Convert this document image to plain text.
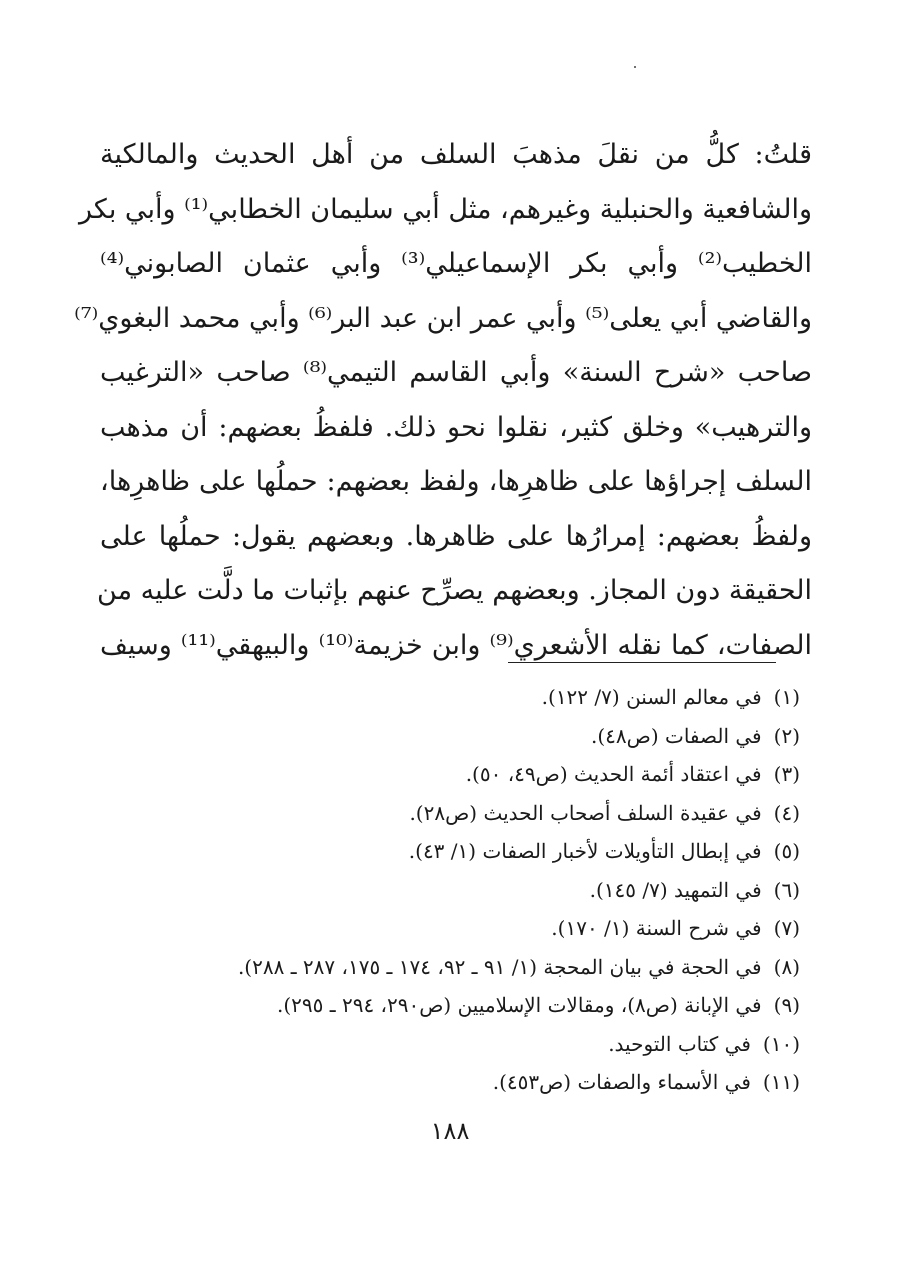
قلتُ: كلُّ من نقلَ مذهبَ السلف من أهل الحديث والمالكية
والشافعية والحنبلية وغيرهم، مثل أبي سليمان الخطابي⁽¹⁾ وأبي بكر
الخطيب⁽²⁾ وأبي بكر الإسماعيلي⁽³⁾ وأبي عثمان الصابوني⁽⁴⁾
والقاضي أبي يعلى⁽⁵⁾ وأبي عمر ابن عبد البر⁽⁶⁾ وأبي محمد البغوي⁽⁷⁾
صاحب «شرح السنة» وأبي القاسم التيمي⁽⁸⁾ صاحب «الترغيب
والترهيب» وخلق كثير، نقلوا نحو ذلك. فلفظُ بعضهم: أن مذهب
السلف إجراؤها على ظاهرِها، ولفظ بعضهم: حملُها على ظاهرِها،
ولفظُ بعضهم: إمرارُها على ظاهرها. وبعضهم يقول: حملُها على
الحقيقة دون المجاز. وبعضهم يصرِّح عنهم بإثبات ما دلَّت عليه من
الصفات، كما نقله الأشعري⁽⁹⁾ وابن خزيمة⁽¹⁰⁾ والبيهقي⁽¹¹⁾ وسيف
(١)في معالم السنن (٧/ ١٢٢).
(٢)في الصفات (ص٤٨).
(٣)في اعتقاد أئمة الحديث (ص٤٩، ٥٠).
(٤)في عقيدة السلف أصحاب الحديث (ص٢٨).
(٥)في إبطال التأويلات لأخبار الصفات (١/ ٤٣).
(٦)في التمهيد (٧/ ١٤٥).
(٧)في شرح السنة (١/ ١٧٠).
(٨)في الحجة في بيان المحجة (١/ ٩١ ـ ٩٢، ١٧٤ ـ ١٧٥، ٢٨٧ ـ ٢٨٨).
(٩)في الإبانة (ص٨)، ومقالات الإسلاميين (ص٢٩٠، ٢٩٤ ـ ٢٩٥).
(١٠)في كتاب التوحيد.
(١١)في الأسماء والصفات (ص٤٥٣).
١٨٨
